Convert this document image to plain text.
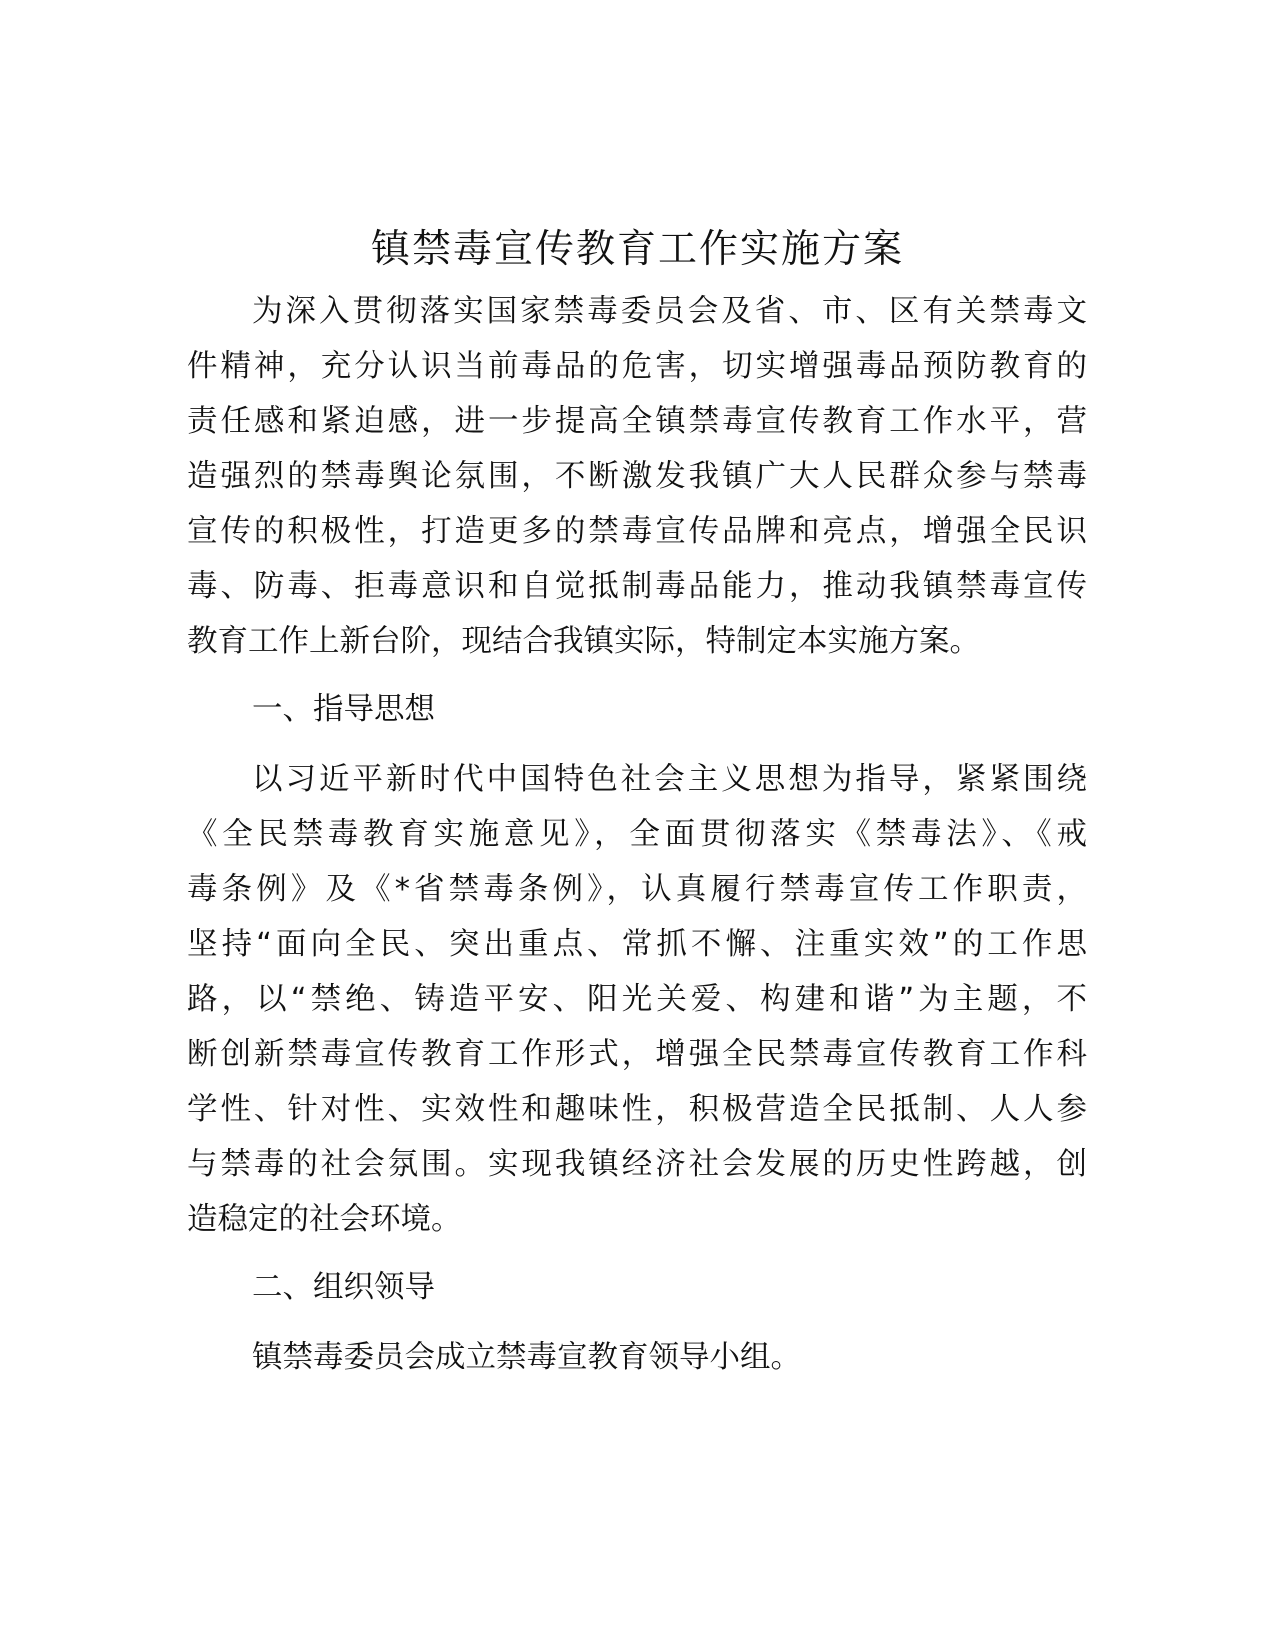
镇禁毒宣传教育工作实施方案

为深入贯彻落实国家禁毒委员会及省、市、区有关禁毒文

件精神，充分认识当前毒品的危害，切实增强毒品预防教育的

责任感和紧迫感，进一步提高全镇禁毒宣传教育工作水平，营

造强烈的禁毒舆论氛围，不断激发我镇广大人民群众参与禁毒

宣传的积极性，打造更多的禁毒宣传品牌和亮点，增强全民识

毒、防毒、拒毒意识和自觉抵制毒品能力，推动我镇禁毒宣传

教育工作上新台阶，现结合我镇实际，特制定本实施方案。

一、指导思想

以习近平新时代中国特色社会主义思想为指导，紧紧围绕

《全民禁毒教育实施意见》，全面贯彻落实《禁毒法》、《戒

毒条例》及《*省禁毒条例》，认真履行禁毒宣传工作职责，

坚持“面向全民、突出重点、常抓不懈、注重实效”的工作思

路，以“禁绝、铸造平安、阳光关爱、构建和谐”为主题，不

断创新禁毒宣传教育工作形式，增强全民禁毒宣传教育工作科

学性、针对性、实效性和趣味性，积极营造全民抵制、人人参

与禁毒的社会氛围。实现我镇经济社会发展的历史性跨越，创

造稳定的社会环境。

二、组织领导

镇禁毒委员会成立禁毒宣教育领导小组。
